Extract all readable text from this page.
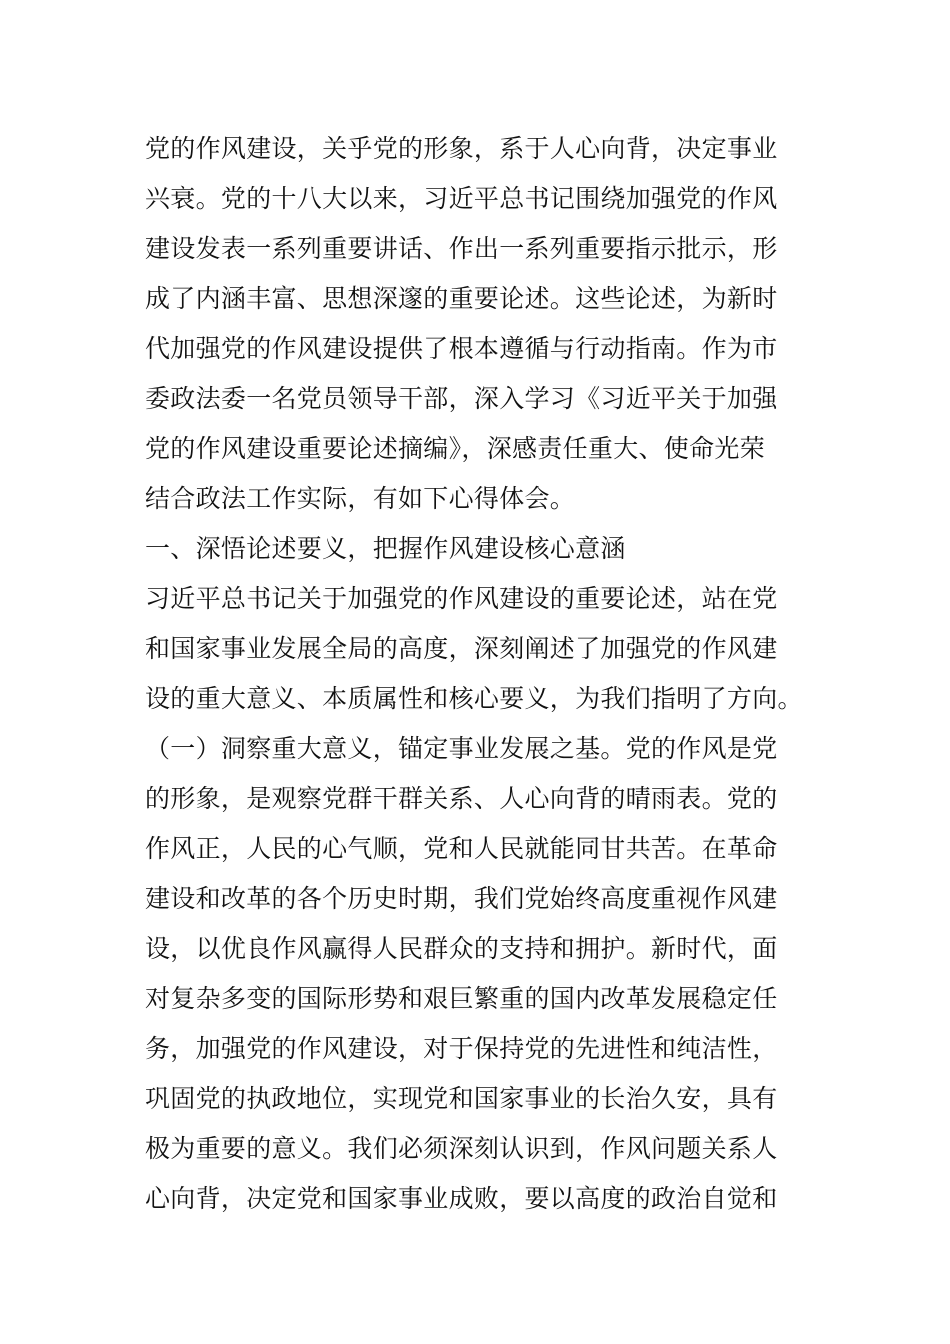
党的作风建设，关乎党的形象，系于人心向背，决定事业
兴衰。党的十八大以来，习近平总书记围绕加强党的作风
建设发表一系列重要讲话、作出一系列重要指示批示，形
成了内涵丰富、思想深邃的重要论述。这些论述，为新时
代加强党的作风建设提供了根本遵循与行动指南。作为市
委政法委一名党员领导干部，深入学习《习近平关于加强
党的作风建设重要论述摘编》，深感责任重大、使命光荣
结合政法工作实际，有如下心得体会。
一、深悟论述要义，把握作风建设核心意涵
习近平总书记关于加强党的作风建设的重要论述，站在党
和国家事业发展全局的高度，深刻阐述了加强党的作风建
设的重大意义、本质属性和核心要义，为我们指明了方向。
（一）洞察重大意义，锚定事业发展之基。党的作风是党
的形象，是观察党群干群关系、人心向背的晴雨表。党的
作风正，人民的心气顺，党和人民就能同甘共苦。在革命
建设和改革的各个历史时期，我们党始终高度重视作风建
设，以优良作风赢得人民群众的支持和拥护。新时代，面
对复杂多变的国际形势和艰巨繁重的国内改革发展稳定任
务，加强党的作风建设，对于保持党的先进性和纯洁性，
巩固党的执政地位，实现党和国家事业的长治久安，具有
极为重要的意义。我们必须深刻认识到，作风问题关系人
心向背，决定党和国家事业成败，要以高度的政治自觉和
